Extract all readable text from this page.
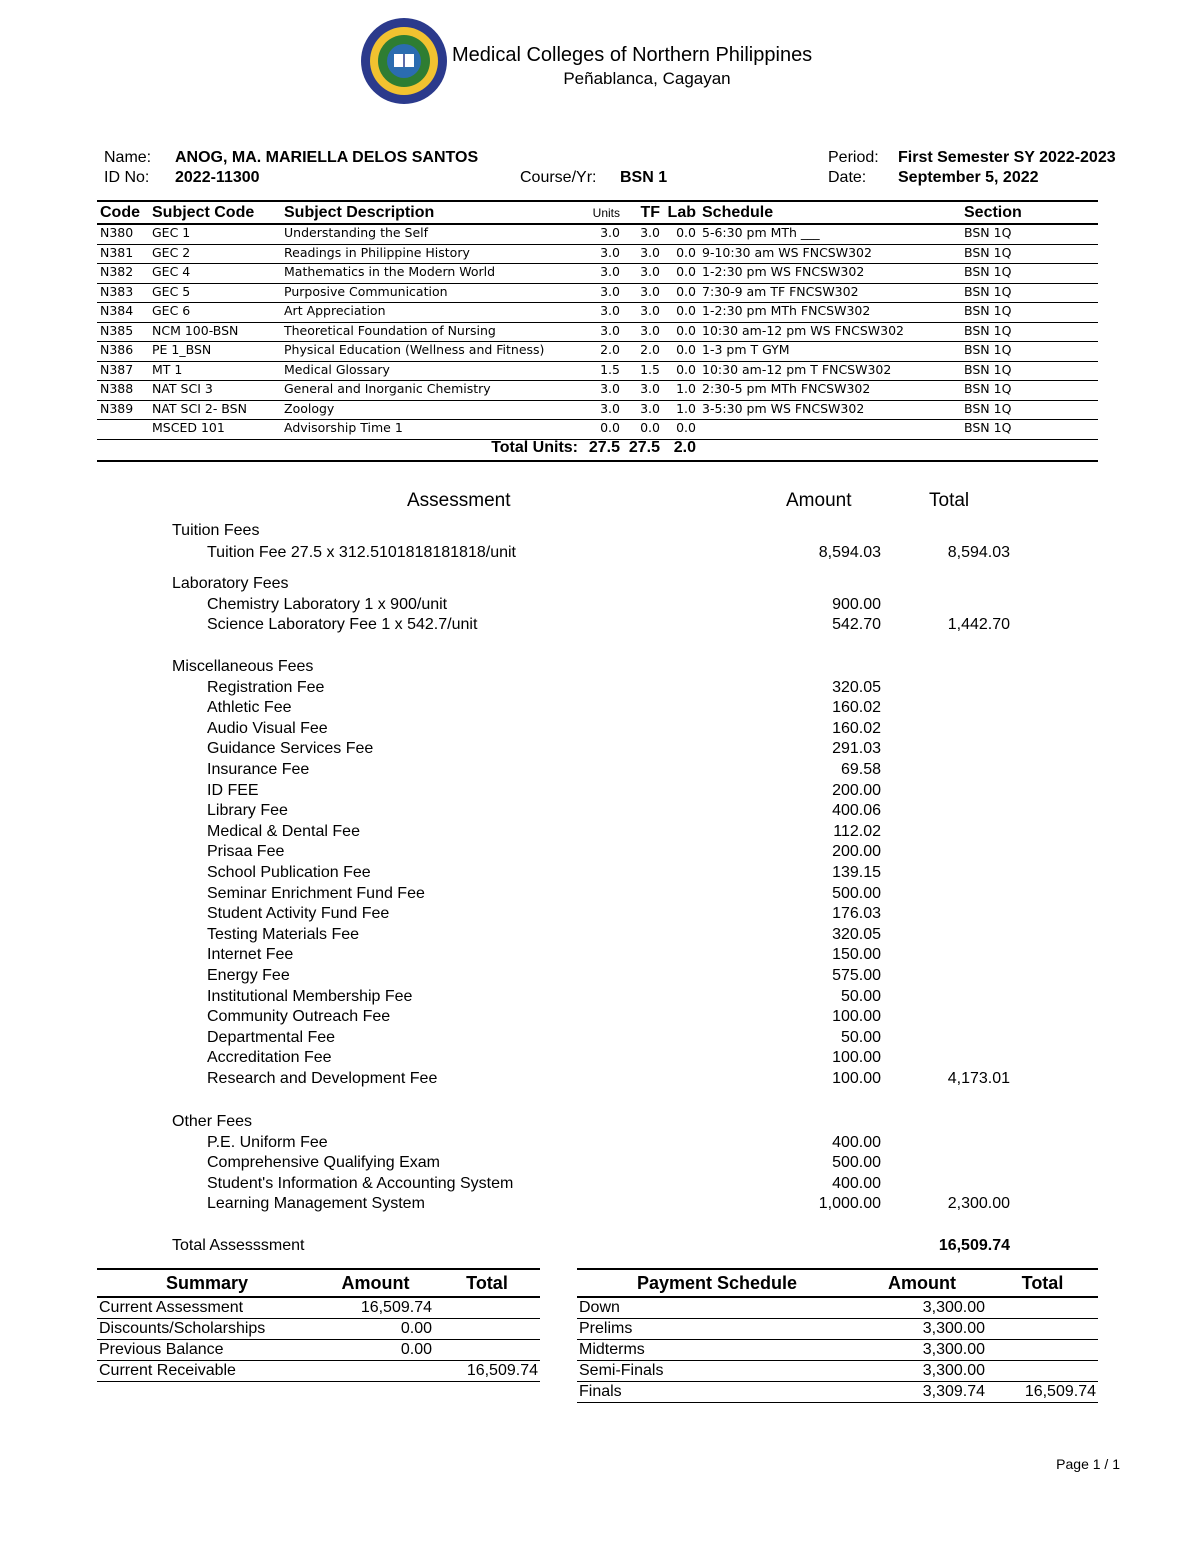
Medical Colleges of Northern Philippines
Peñablanca, Cagayan
Name: ANOG, MA. MARIELLA DELOS SANTOS
ID No: 2022-11300	Course/Yr: BSN 1
Period: First Semester SY 2022-2023
Date: September 5, 2022
Code	Subject Code	Subject Description	Units	TF	Lab	Schedule	Section
N380	GEC 1	Understanding the Self	3.0	3.0	0.0	5-6:30 pm MTh ___	BSN 1Q
N381	GEC 2	Readings in Philippine History	3.0	3.0	0.0	9-10:30 am WS FNCSW302	BSN 1Q
N382	GEC 4	Mathematics in the Modern World	3.0	3.0	0.0	1-2:30 pm WS FNCSW302	BSN 1Q
N383	GEC 5	Purposive Communication	3.0	3.0	0.0	7:30-9 am TF FNCSW302	BSN 1Q
N384	GEC 6	Art Appreciation	3.0	3.0	0.0	1-2:30 pm MTh FNCSW302	BSN 1Q
N385	NCM 100-BSN	Theoretical Foundation of Nursing	3.0	3.0	0.0	10:30 am-12 pm WS FNCSW302	BSN 1Q
N386	PE 1_BSN	Physical Education (Wellness and Fitness)	2.0	2.0	0.0	1-3 pm T GYM	BSN 1Q
N387	MT 1	Medical Glossary	1.5	1.5	0.0	10:30 am-12 pm T FNCSW302	BSN 1Q
N388	NAT SCI 3	General and Inorganic Chemistry	3.0	3.0	1.0	2:30-5 pm MTh FNCSW302	BSN 1Q
N389	NAT SCI 2- BSN	Zoology	3.0	3.0	1.0	3-5:30 pm WS FNCSW302	BSN 1Q
	MSCED 101	Advisorship Time 1	0.0	0.0	0.0		BSN 1Q
		Total Units:	27.5	27.5	2.0		
Assessment	Amount	Total
Tuition Fees
Tuition Fee 27.5 x 312.5101818181818/unit	8,594.03	8,594.03
Laboratory Fees
Chemistry Laboratory 1 x 900/unit	900.00
Science Laboratory Fee 1 x 542.7/unit	542.70	1,442.70
Miscellaneous Fees
Registration Fee	320.05
Athletic Fee	160.02
Audio Visual Fee	160.02
Guidance Services Fee	291.03
Insurance Fee	69.58
ID FEE	200.00
Library Fee	400.06
Medical & Dental Fee	112.02
Prisaa Fee	200.00
School Publication Fee	139.15
Seminar Enrichment Fund Fee	500.00
Student Activity Fund Fee	176.03
Testing Materials Fee	320.05
Internet Fee	150.00
Energy Fee	575.00
Institutional Membership Fee	50.00
Community Outreach Fee	100.00
Departmental Fee	50.00
Accreditation Fee	100.00
Research and Development Fee	100.00	4,173.01
Other Fees
P.E. Uniform Fee	400.00
Comprehensive Qualifying Exam	500.00
Student's Information & Accounting System	400.00
Learning Management System	1,000.00	2,300.00
Total Assesssment	16,509.74
Summary	Amount	Total
Current Assessment	16,509.74	
Discounts/Scholarships	0.00	
Previous Balance	0.00	
Current Receivable		16,509.74
Payment Schedule	Amount	Total
Down	3,300.00	
Prelims	3,300.00	
Midterms	3,300.00	
Semi-Finals	3,300.00	
Finals	3,309.74	16,509.74
Page 1 / 1
